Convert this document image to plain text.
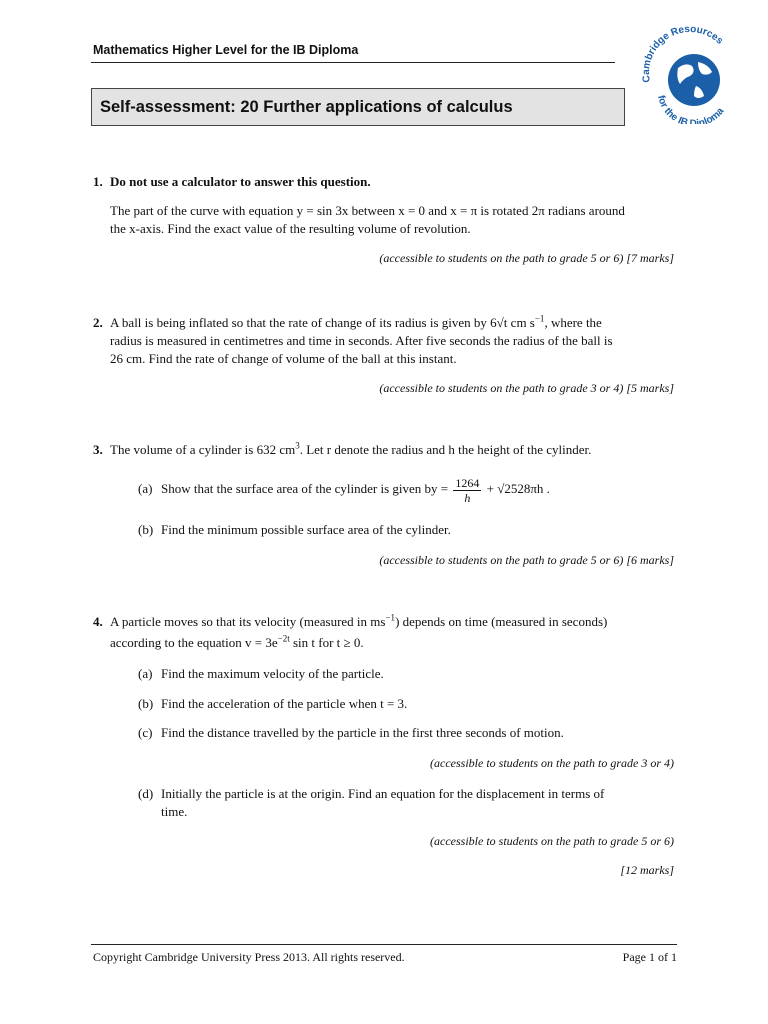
Mathematics Higher Level for the IB Diploma
Cambridge Resources
for the IB Diploma
Self-assessment: 20 Further applications of calculus
1. Do not use a calculator to answer this question.
The part of the curve with equation y = sin 3x between x = 0 and x = π is rotated 2π radians around
the x-axis. Find the exact value of the resulting volume of revolution.
(accessible to students on the path to grade 5 or 6) [7 marks]
2. A ball is being inflated so that the rate of change of its radius is given by 6√t cm $s^{-1}$, where the
radius is measured in centimetres and time in seconds. After five seconds the radius of the ball is
26 cm. Find the rate of change of volume of the ball at this instant.
(accessible to students on the path to grade 3 or 4) [5 marks]
3. The volume of a cylinder is 632 $cm^3$. Let r denote the radius and h the height of the cylinder.
(a) Show that the surface area of the cylinder is given by = $\frac{1264}{h} + √2528\pi h$ .
(b) Find the minimum possible surface area of the cylinder.
(accessible to students on the path to grade 5 or 6) [6 marks]
4. A particle moves so that its velocity (measured in $ms^{-1}$) depends on time (measured in seconds)
according to the equation $v = 3e^{-2t}$ sin t for t ≥ 0.
(a) Find the maximum velocity of the particle.
(b) Find the acceleration of the particle when t = 3.
(c) Find the distance travelled by the particle in the first three seconds of motion.
(accessible to students on the path to grade 3 or 4)
(d) Initially the particle is at the origin. Find an equation for the displacement in terms of
time.
(accessible to students on the path to grade 5 or 6)
[12 marks]
Copyright Cambridge University Press 2013. All rights reserved.	Page 1 of 1
